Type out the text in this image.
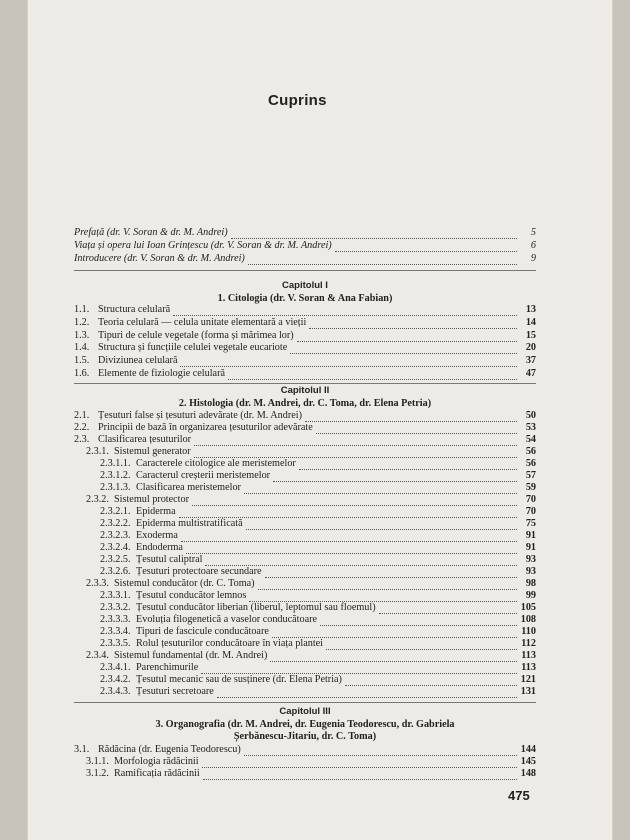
Cuprins
Prefață (dr. V. Soran & dr. M. Andrei)	5
Viața și opera lui Ioan Grințescu (dr. V. Soran & dr. M. Andrei)	6
Introducere (dr. V. Soran & dr. M. Andrei)	9
Capitolul I
1. Citologia (dr. V. Soran & Ana Fabian)
1.1. Structura celulară	13
1.2. Teoria celulară — celula unitate elementară a vieții	14
1.3. Tipuri de celule vegetale (forma și mărimea lor)	15
1.4. Structura și funcțiile celulei vegetale eucariote	20
1.5. Diviziunea celulară	37
1.6. Elemente de fiziologie celulară	47
Capitolul II
2. Histologia (dr. M. Andrei, dr. C. Toma, dr. Elena Petria)
2.1. Țesuturi false și țesuturi adevărate (dr. M. Andrei)	50
2.2. Principii de bază în organizarea țesuturilor adevărate	53
2.3. Clasificarea țesuturilor	54
2.3.1. Sistemul generator	56
2.3.1.1. Caracterele citologice ale meristemelor	56
2.3.1.2. Caracterul creșterii meristemelor	57
2.3.1.3. Clasificarea meristemelor	59
2.3.2. Sistemul protector	70
2.3.2.1. Epiderma	70
2.3.2.2. Epiderma multistratificată	75
2.3.2.3. Exoderma	91
2.3.2.4. Endoderma	91
2.3.2.5. Țesutul caliptral	93
2.3.2.6. Țesuturi protectoare secundare	93
2.3.3. Sistemul conducător (dr. C. Toma)	98
2.3.3.1. Țesutul conducător lemnos	99
2.3.3.2. Țesutul conducător liberian (liberul, leptomul sau floemul)	105
2.3.3.3. Evoluția filogenetică a vaselor conducătoare	108
2.3.3.4. Tipuri de fascicule conducătoare	110
2.3.3.5. Rolul țesuturilor conducătoare în viața plantei	112
2.3.4. Sistemul fundamental (dr. M. Andrei)	113
2.3.4.1. Parenchimurile	113
2.3.4.2. Țesutul mecanic sau de susținere (dr. Elena Petria)	121
2.3.4.3. Țesuturi secretoare	131
Capitolul III
3. Organografia (dr. M. Andrei, dr. Eugenia Teodorescu, dr. Gabriela
Șerbănescu-Jitariu, dr. C. Toma)
3.1. Rădăcina (dr. Eugenia Teodorescu)	144
3.1.1. Morfologia rădăcinii	145
3.1.2. Ramificația rădăcinii	148
475
